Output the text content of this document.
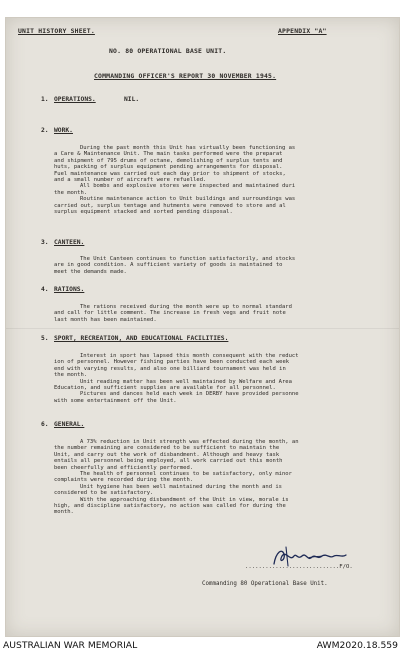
UNIT HISTORY SHEET.	APPENDIX "A"
NO. 80 OPERATIONAL BASE UNIT.
COMMANDING OFFICER'S REPORT 30 NOVEMBER 1945.
1. OPERATIONS.	NIL.
2. WORK.

During the past month this Unit has virtually been functioning as

a Care & Maintenance Unit. The main tasks performed were the preparat

and shipment of 795 drums of octane, demolishing of surplus tents and

huts, packing of surplus equipment pending arrangements for disposal.

Fuel maintenance was carried out each day prior to shipment of stocks,

and a small number of aircraft were refuelled.

All bombs and explosive stores were inspected and maintained duri

the month.

Routine maintenance action to Unit buildings and surroundings was

carried out, surplus tentage and hutments were removed to store and al

surplus equipment stacked and sorted pending disposal.

3. CANTEEN.

The Unit Canteen continues to function satisfactorily, and stocks

are in good condition. A sufficient variety of goods is maintained to

meet the demands made.

4. RATIONS.

The rations received during the month were up to normal standard

and call for little comment. The increase in fresh vegs and fruit note

last month has been maintained.

5. SPORT, RECREATION, AND EDUCATIONAL FACILITIES.

Interest in sport has lapsed this month consequent with the reduct

ion of personnel. However fishing parties have been conducted each week

end with varying results, and also one billiard tournament was held in

the month.

Unit reading matter has been well maintained by Welfare and Area

Education, and sufficient supplies are available for all personnel.

Pictures and dances held each week in DERBY have provided personne

with some entertainment off the Unit.

6. GENERAL.

A 73% reduction in Unit strength was effected during the month, an

the number remaining are considered to be sufficient to maintain the

Unit, and carry out the work of disbandment. Although and heavy task

entails all personnel being employed, all work carried out this month

been cheerfully and efficiently performed.

The health of personnel continues to be satisfactory, only minor

complaints were recorded during the month.

Unit hygiene has been well maintained during the month and is

considered to be satisfactory.

With the approaching disbandment of the Unit in view, morale is

high, and discipline satisfactory, no action was called for during the

month.

............................F/O.
Commanding 80 Operational Base Unit.
AUSTRALIAN WAR MEMORIAL	AWM2020.18.559
